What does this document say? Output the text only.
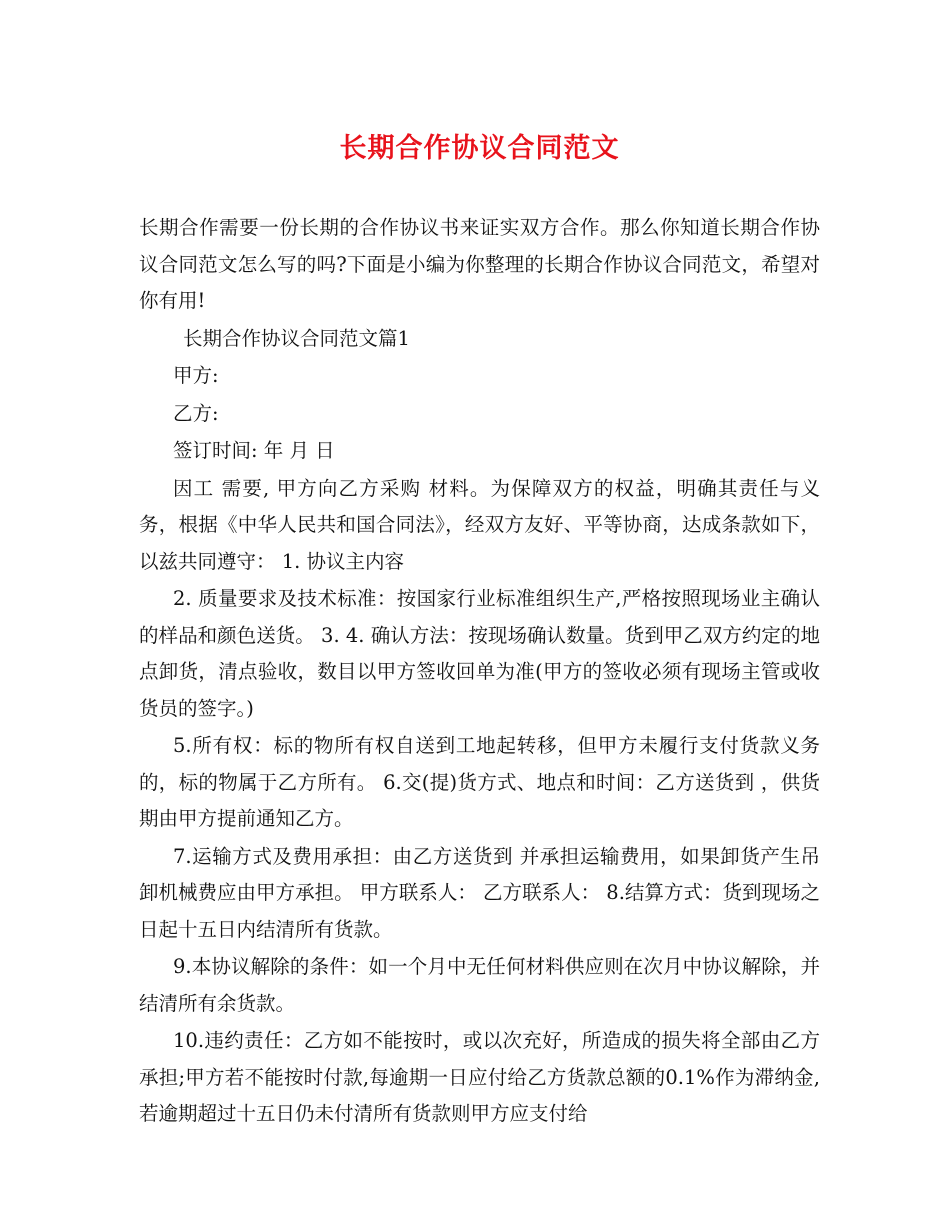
长期合作协议合同范文

长期合作需要一份长期的合作协议书来证实双方合作。那么你知道长期合作协议合同范文怎么写的吗?下面是小编为你整理的长期合作协议合同范文，希望对你有用!

长期合作协议合同范文篇1

甲方:

乙方:

签订时间: 年 月 日

因工 需要, 甲方向乙方采购 材料。为保障双方的权益，明确其责任与义务，根据《中华人民共和国合同法》，经双方友好、平等协商，达成条款如下，以兹共同遵守： 1. 协议主内容

2. 质量要求及技术标准：按国家行业标准组织生产,严格按照现场业主确认的样品和颜色送货。 3. 4. 确认方法：按现场确认数量。货到甲乙双方约定的地点卸货，清点验收，数目以甲方签收回单为准(甲方的签收必须有现场主管或收货员的签字。)

5.所有权：标的物所有权自送到工地起转移，但甲方未履行支付货款义务的，标的物属于乙方所有。 6.交(提)货方式、地点和时间：乙方送货到 ，供货期由甲方提前通知乙方。

7.运输方式及费用承担：由乙方送货到 并承担运输费用，如果卸货产生吊卸机械费应由甲方承担。 甲方联系人： 乙方联系人： 8.结算方式：货到现场之日起十五日内结清所有货款。

9.本协议解除的条件：如一个月中无任何材料供应则在次月中协议解除，并结清所有余货款。

10.违约责任：乙方如不能按时，或以次充好，所造成的损失将全部由乙方承担;甲方若不能按时付款,每逾期一日应付给乙方货款总额的0.1%作为滞纳金,若逾期超过十五日仍未付清所有货款则甲方应支付给
